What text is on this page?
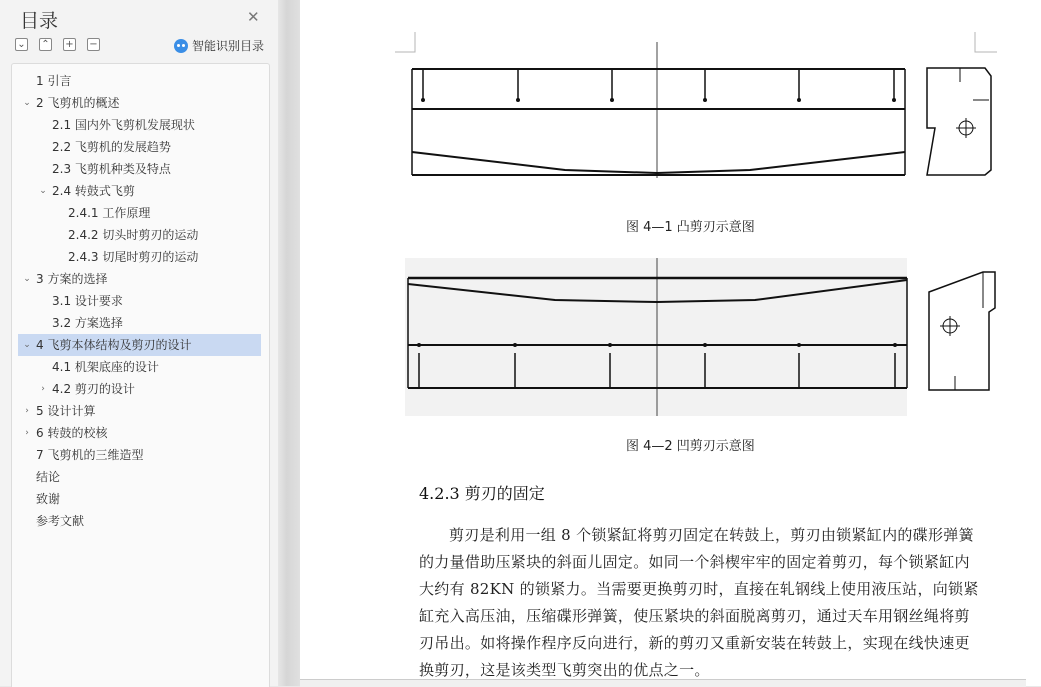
目录	✕
⌄ ⌃ + −	智能识别目录
1 引言
⌄ 2 飞剪机的概述
2.1 国内外飞剪机发展现状
2.2 飞剪机的发展趋势
2.3 飞剪机种类及特点
⌄ 2.4 转鼓式飞剪
2.4.1 工作原理
2.4.2 切头时剪刃的运动
2.4.3 切尾时剪刃的运动
⌄ 3 方案的选择
3.1 设计要求
3.2 方案选择
⌄ 4 飞剪本体结构及剪刃的设计
4.1 机架底座的设计
› 4.2 剪刃的设计
› 5 设计计算
› 6 转鼓的校核
7 飞剪机的三维造型
结论
致谢
参考文献
图 4—1 凸剪刃示意图
图 4—2 凹剪刃示意图
4.2.3 剪刃的固定

剪刃是利用一组 8 个锁紧缸将剪刃固定在转鼓上，剪刃由锁紧缸内的碟形弹簧的力量借助压紧块的斜面儿固定。如同一个斜楔牢牢的固定着剪刃，每个锁紧缸内大约有 82KN 的锁紧力。当需要更换剪刃时，直接在轧钢线上使用液压站，向锁紧缸充入高压油，压缩碟形弹簧，使压紧块的斜面脱离剪刃，通过天车用钢丝绳将剪刃吊出。如将操作程序反向进行，新的剪刃又重新安装在转鼓上，实现在线快速更换剪刃，这是该类型飞剪突出的优点之一。
